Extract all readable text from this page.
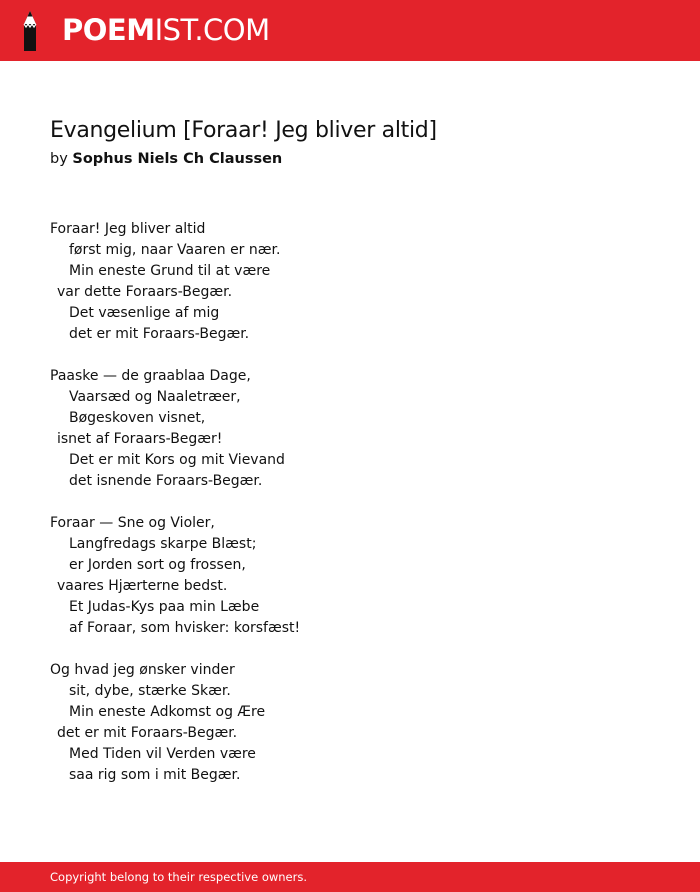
POEMIST.COM
Evangelium [Foraar! Jeg bliver altid]
by Sophus Niels Ch Claussen
Foraar! Jeg bliver altid
først mig, naar Vaaren er nær.
Min eneste Grund til at være
var dette Foraars-Begær.
Det væsenlige af mig
det er mit Foraars-Begær.
Paaske — de graablaa Dage,
Vaarsæd og Naaletræer,
Bøgeskoven visnet,
isnet af Foraars-Begær!
Det er mit Kors og mit Vievand
det isnende Foraars-Begær.
Foraar — Sne og Violer,
Langfredags skarpe Blæst;
er Jorden sort og frossen,
vaares Hjærterne bedst.
Et Judas-Kys paa min Læbe
af Foraar, som hvisker: korsfæst!
Og hvad jeg ønsker vinder
sit, dybe, stærke Skær.
Min eneste Adkomst og Ære
det er mit Foraars-Begær.
Med Tiden vil Verden være
saa rig som i mit Begær.
Copyright belong to their respective owners.
